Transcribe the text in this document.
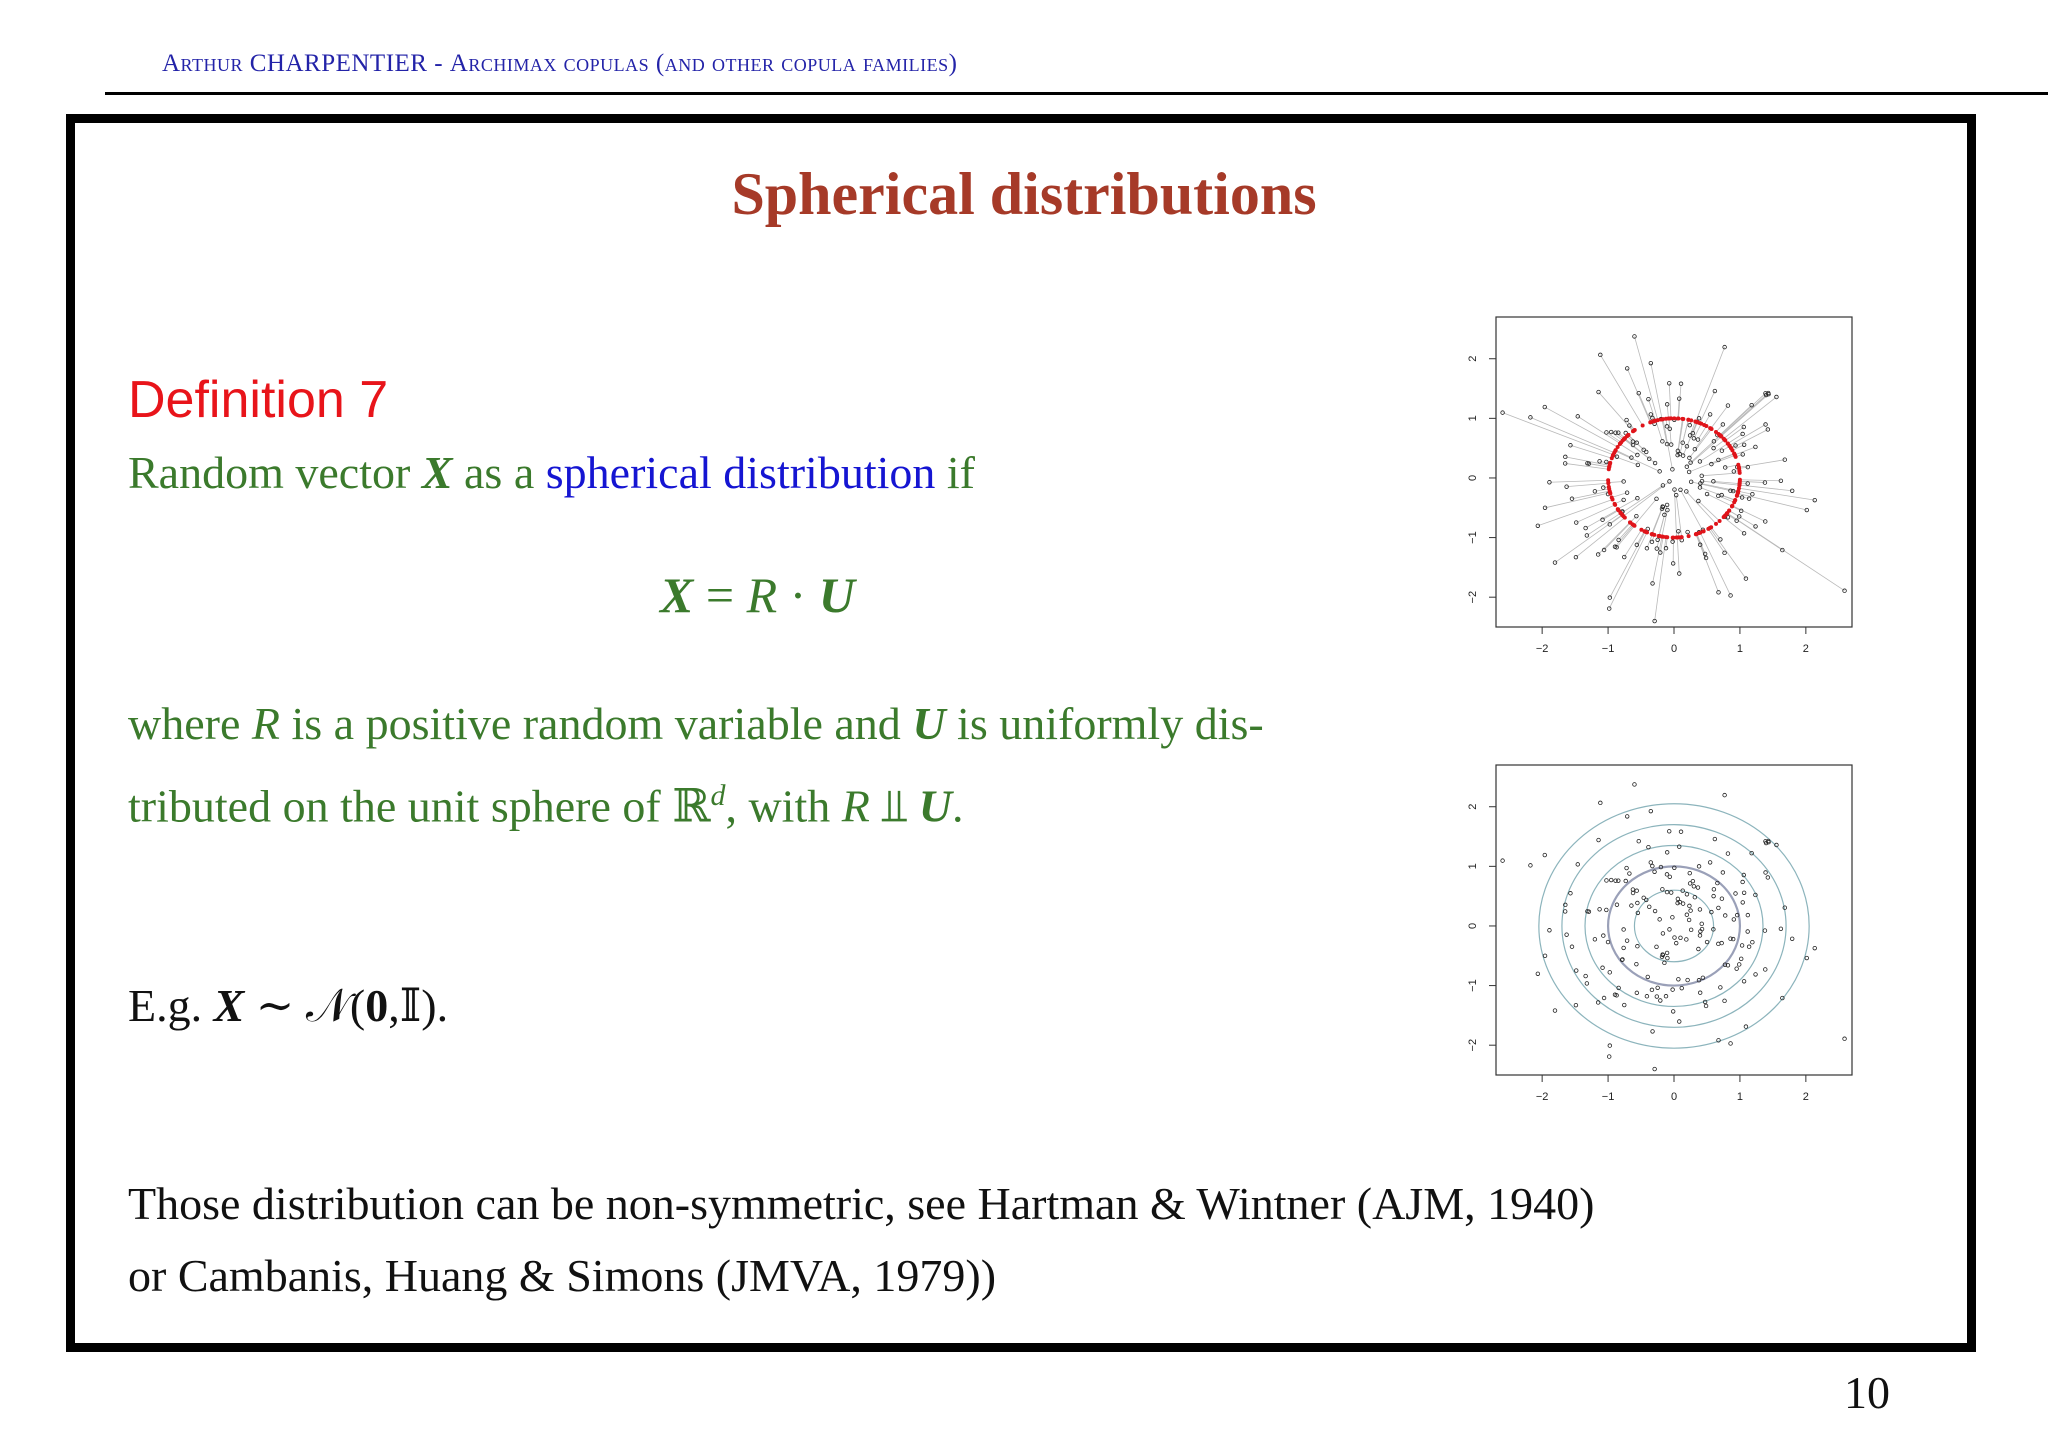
Arthur CHARPENTIER - Archimax copulas (and other copula families)
Spherical distributions
Definition 7
Random vector X as a spherical distribution if
X = R · U
where R is a positive random variable and U is uniformly dis-
tributed on the unit sphere of ℝ$^d$, with R ⫫ U.
E.g. X ∼ 𝒩(0,𝕀).
Those distribution can be non-symmetric, see Hartman & Wintner (AJM, 1940)
or Cambanis, Huang & Simons (JMVA, 1979))
10
−2
−2
−1
−1
0
0
1
1
2
2
−2
−2
−1
−1
0
0
1
1
2
2
